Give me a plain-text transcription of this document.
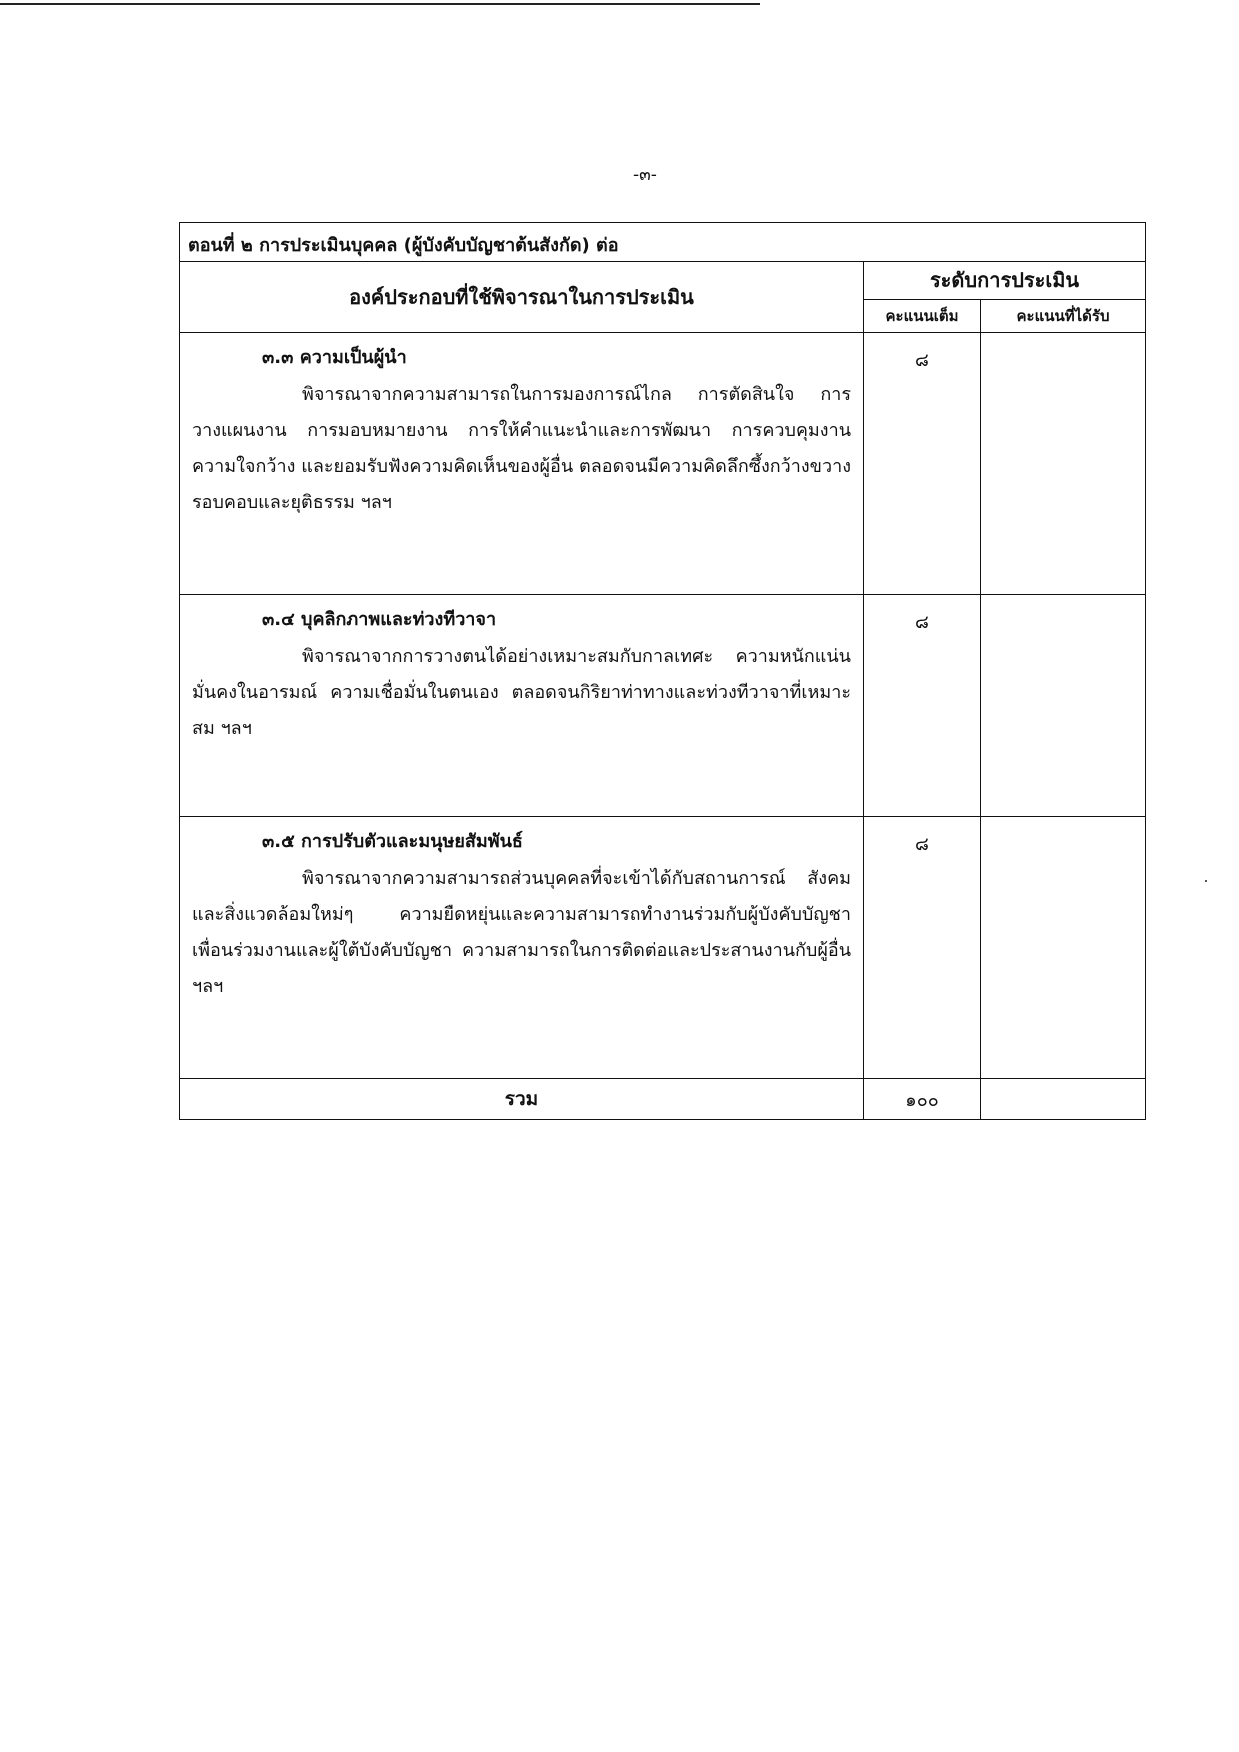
-๓-
ตอนที่ ๒ การประเมินบุคคล (ผู้บังคับบัญชาต้นสังกัด) ต่อ		
องค์ประกอบที่ใช้พิจารณาในการประเมิน	ระดับการประเมิน	
	คะแนนเต็ม	คะแนนที่ได้รับ

๓.๓ ความเป็นผู้นำ
พิจารณาจากความสามารถในการมองการณ์ไกล การตัดสินใจ การวางแผนงาน การมอบหมายงาน การให้คำแนะนำและการพัฒนา การควบคุมงาน ความใจกว้าง และยอมรับฟังความคิดเห็นของผู้อื่น ตลอดจนมีความคิดลึกซึ้งกว้างขวางรอบคอบและยุติธรรม ฯลฯ	๘	

๓.๔ บุคลิกภาพและท่วงทีวาจา
พิจารณาจากการวางตนได้อย่างเหมาะสมกับกาลเทศะ ความหนักแน่นมั่นคงในอารมณ์ ความเชื่อมั่นในตนเอง ตลอดจนกิริยาท่าทางและท่วงทีวาจาที่เหมาะสม ฯลฯ	๘	

๓.๕ การปรับตัวและมนุษยสัมพันธ์
พิจารณาจากความสามารถส่วนบุคคลที่จะเข้าได้กับสถานการณ์ สังคม และสิ่งแวดล้อมใหม่ๆ ความยืดหยุ่นและความสามารถทำงานร่วมกับผู้บังคับบัญชา เพื่อนร่วมงานและผู้ใต้บังคับบัญชา ความสามารถในการติดต่อและประสานงานกับผู้อื่น ฯลฯ	๘	
รวม	๑๐๐	
